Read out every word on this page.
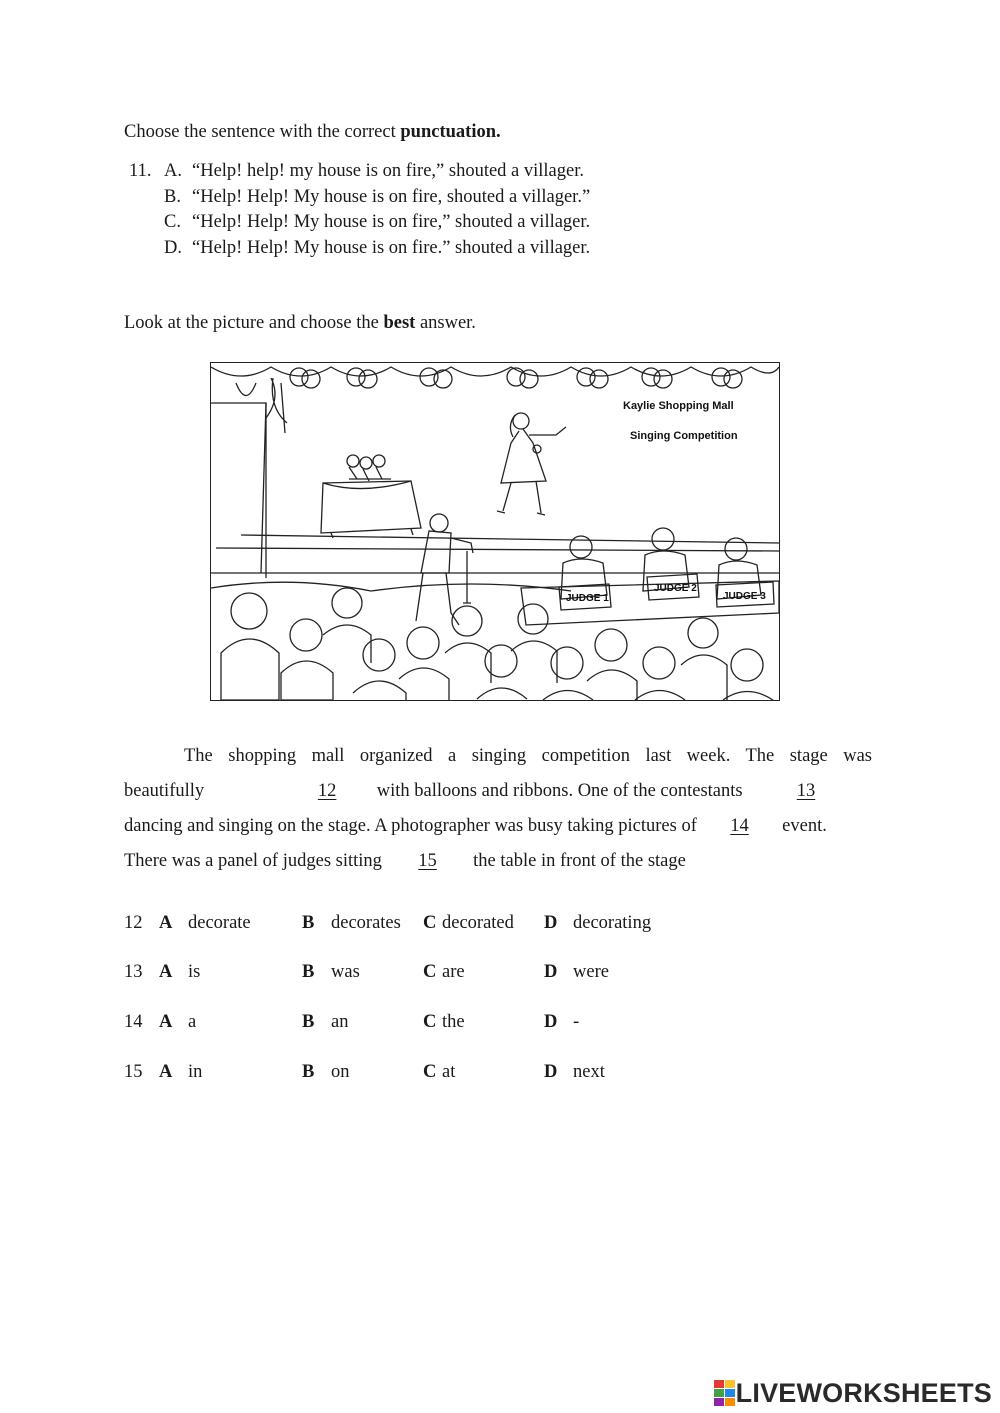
Choose the sentence with the correct punctuation.
11. A. “Help! help! my house is on fire,” shouted a villager.
B. “Help! Help! My house is on fire, shouted a villager.”
C. “Help! Help! My house is on fire,” shouted a villager.
D. “Help! Help! My house is on fire.” shouted a villager.
Look at the picture and choose the best answer.
Kaylie Shopping Mall
Singing Competition
JUDGE 1
JUDGE 2
JUDGE 3
The shopping mall organized a singing competition last week. The stage was
beautifully	12 with balloons and ribbons. One of the contestants	13
dancing and singing on the stage. A photographer was busy taking pictures of 14 event.
There was a panel of judges sitting 15 the table in front of the stage
12 A decorate	B decorates C decorated D decorating
13 A is	B was	C are	D were
14 A a	B an	C the	D -
15 A in	B on	C at	D next
LIVEWORKSHEETS
